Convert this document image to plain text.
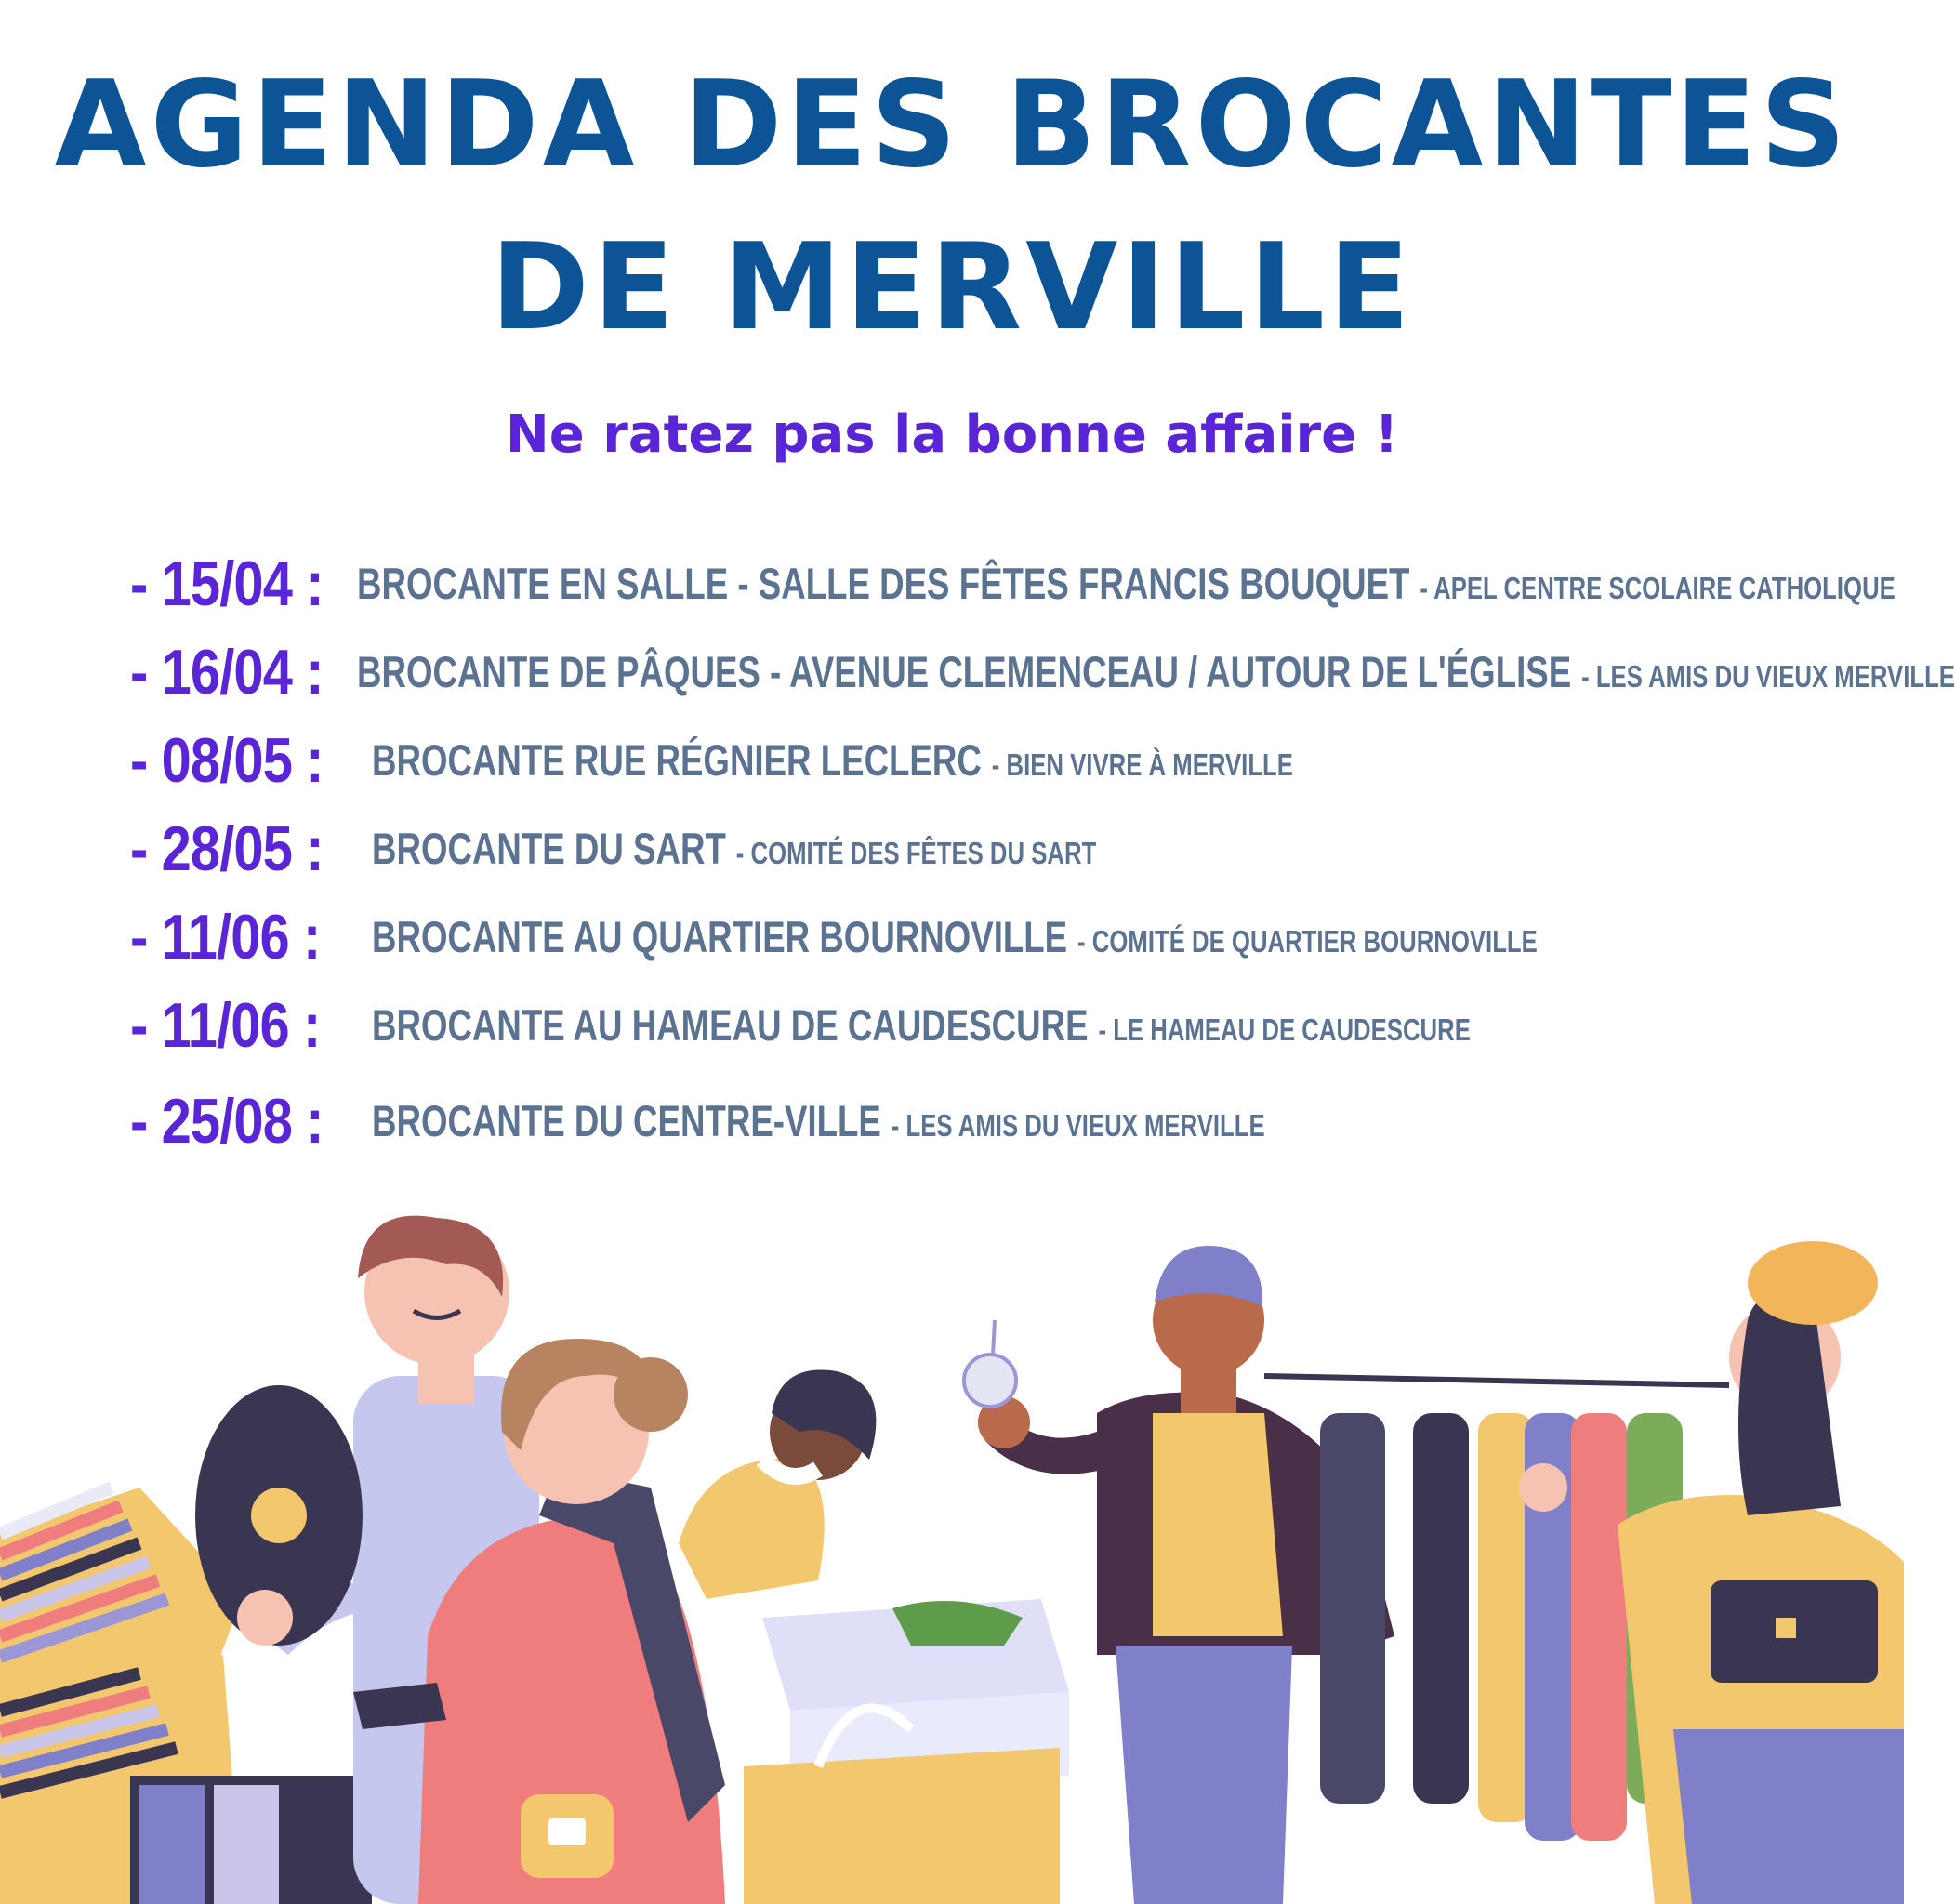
AGENDA DES BROCANTES
DE MERVILLE
Ne ratez pas la bonne affaire !
- 15/04 : BROCANTE EN SALLE - SALLE DES FÊTES FRANCIS BOUQUET - APEL CENTRE SCOLAIRE CATHOLIQUE
- 16/04 : BROCANTE DE PÂQUES - AVENUE CLEMENCEAU / AUTOUR DE L'ÉGLISE - LES AMIS DU VIEUX MERVILLE
- 08/05 : BROCANTE RUE RÉGNIER LECLERC - BIEN VIVRE À MERVILLE
- 28/05 : BROCANTE DU SART - COMITÉ DES FÊTES DU SART
- 11/06 :	BROCANTE AU QUARTIER BOURNOVILLE - COMITÉ DE QUARTIER BOURNOVILLE
- 11/06 :	BROCANTE AU HAMEAU DE CAUDESCURE - LE HAMEAU DE CAUDESCURE
- 25/08 : BROCANTE DU CENTRE-VILLE - LES AMIS DU VIEUX MERVILLE
